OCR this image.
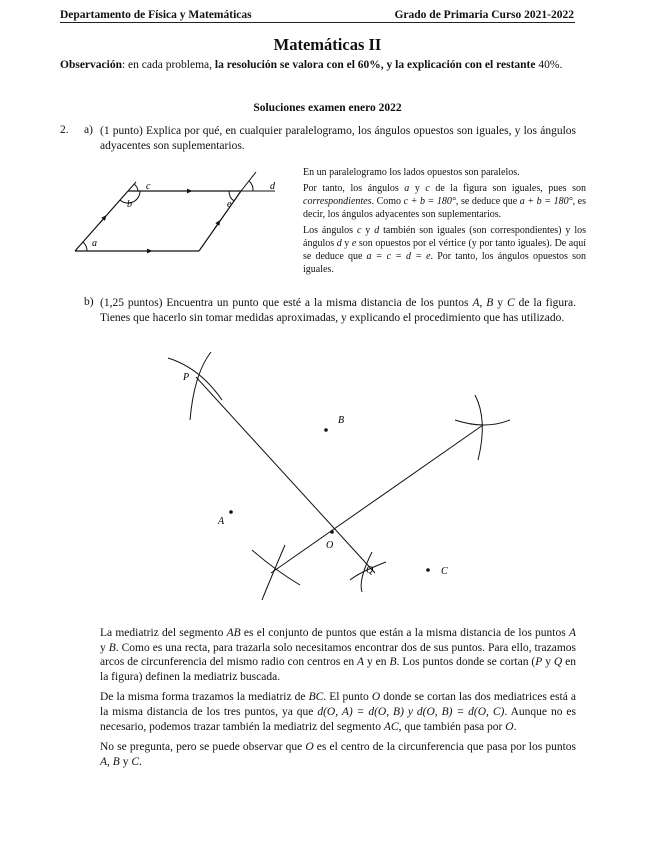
Departamento de Física y Matemáticas	Grado de Primaria Curso 2021-2022
Matemáticas II
Observación: en cada problema, la resolución se valora con el 60%, y la explicación con el restante 40%.
Soluciones examen enero 2022
2. a) (1 punto) Explica por qué, en cualquier paralelogramo, los ángulos opuestos son iguales, y los ángulos adyacentes son suplementarios.
a
b
c	d
e

En un paralelogramo los lados opuestos son paralelos.

Por tanto, los ángulos a y c de la figura son iguales, pues son correspondientes. Como c + b = 180°, se deduce que a + b = 180°, es decir, los ángulos adyacentes son suplementarios.

Los ángulos c y d también son iguales (son correspondientes) y los ángulos d y e son opuestos por el vértice (y por tanto iguales). De aquí se deduce que a = c = d = e. Por tanto, los ángulos opuestos son iguales.

b) (1,25 puntos) Encuentra un punto que esté a la misma distancia de los puntos A, B y C de la figura. Tienes que hacerlo sin tomar medidas aproximadas, y explicando el procedimiento que has utilizado.
P
B
A
O
Q	C

La mediatriz del segmento AB es el conjunto de puntos que están a la misma distancia de los puntos A y B. Como es una recta, para trazarla solo necesitamos encontrar dos de sus puntos. Para ello, trazamos arcos de circunferencia del mismo radio con centros en A y en B. Los puntos donde se cortan (P y Q en la figura) definen la mediatriz buscada.

De la misma forma trazamos la mediatriz de BC. El punto O donde se cortan las dos mediatrices está a la misma distancia de los tres puntos, ya que d(O, A) = d(O, B) y d(O, B) = d(O, C). Aunque no es necesario, podemos trazar también la mediatriz del segmento AC, que también pasa por O.

No se pregunta, pero se puede observar que O es el centro de la circunferencia que pasa por los puntos A, B y C.
